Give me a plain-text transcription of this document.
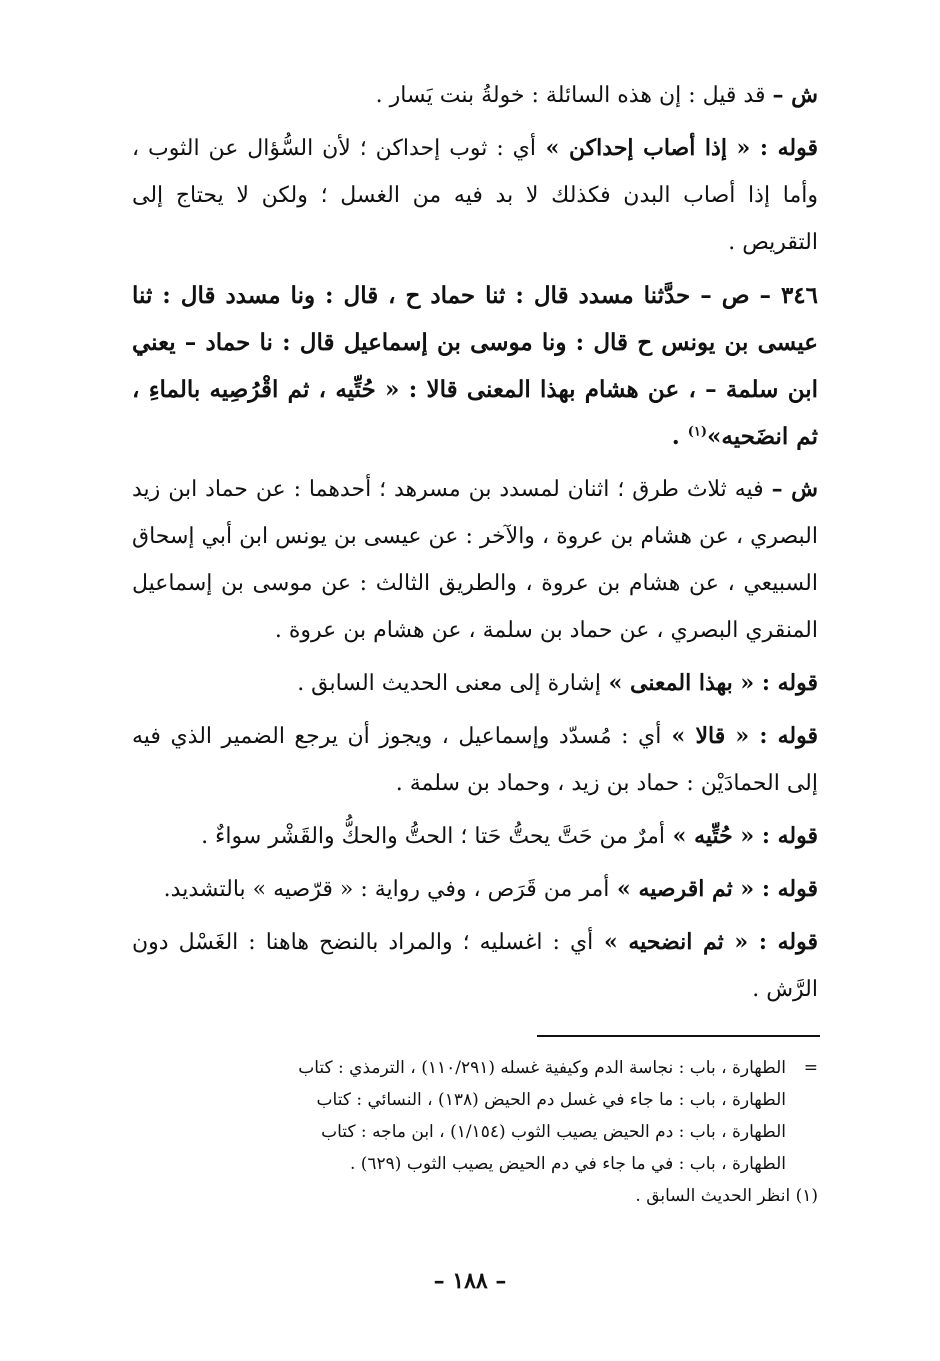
ش – قد قيل : إن هذه السائلة : خولةُ بنت يَسار .

قوله : « إذا أصاب إحداكن » أي : ثوب إحداكن ؛ لأن السُّؤال عن الثوب ، وأما إذا أصاب البدن فكذلك لا بد فيه من الغسل ؛ ولكن لا يحتاج إلى التقريص .

٣٤٦ – ص – حدَّثنا مسدد قال : ثنا حماد ح ، قال : ونا مسدد قال : ثنا عيسى بن يونس ح قال : ونا موسى بن إسماعيل قال : نا حماد – يعني ابن سلمة – ، عن هشام بهذا المعنى قالا : « حُتِّيه ، ثم اقْرُصِيه بالماءِ ، ثم انضَحيه»$^{(١)}$ .

ش – فيه ثلاث طرق ؛ اثنان لمسدد بن مسرهد ؛ أحدهما : عن حماد ابن زيد البصري ، عن هشام بن عروة ، والآخر : عن عيسى بن يونس ابن أبي إسحاق السبيعي ، عن هشام بن عروة ، والطريق الثالث : عن موسى بن إسماعيل المنقري البصري ، عن حماد بن سلمة ، عن هشام بن عروة .

قوله : « بهذا المعنى » إشارة إلى معنى الحديث السابق .

قوله : « قالا » أي : مُسدّد وإسماعيل ، ويجوز أن يرجع الضمير الذي فيه إلى الحمادَيْن : حماد بن زيد ، وحماد بن سلمة .

قوله : « حُتِّيه » أمرٌ من حَتَّ يحتُّ حَتا ؛ الحتُّ والحكُّ والقَشْر سواءٌ .

قوله : « ثم اقرصيه » أمر من قَرَص ، وفي رواية : « قرّصيه » بالتشديد.

قوله : « ثم انضحيه » أي : اغسليه ؛ والمراد بالنضح هاهنا : الغَسْل دون الرَّش .

=

الطهارة ، باب : نجاسة الدم وكيفية غسله (١١٠/٢٩١) ، الترمذي : كتاب

الطهارة ، باب : ما جاء في غسل دم الحيض (١٣٨) ، النسائي : كتاب

الطهارة ، باب : دم الحيض يصيب الثوب (١/١٥٤) ، ابن ماجه : كتاب

الطهارة ، باب : في ما جاء في دم الحيض يصيب الثوب (٦٢٩) .

(١) انظر الحديث السابق .

– ١٨٨ –
